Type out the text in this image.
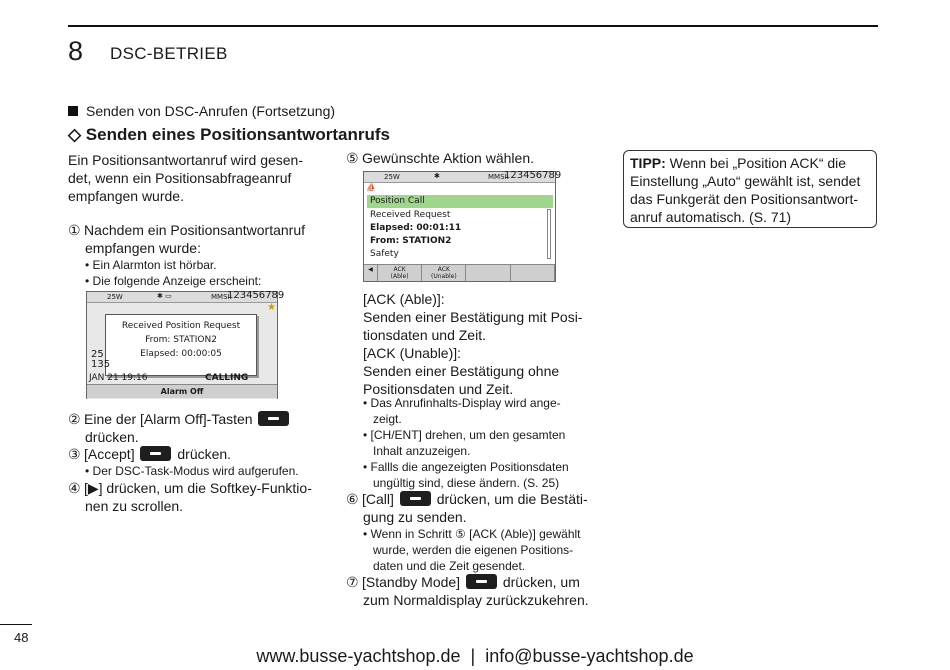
8 DSC-BETRIEB
Senden von DSC-Anrufen (Fortsetzung)
◇ Senden eines Positionsantwortanrufs
Ein Positionsantwortanruf wird gesen-
det, wenn ein Positionsabfrageanruf
empfangen wurde.
① Nachdem ein Positionsantwortanruf
empfangen wurde:
• Ein Alarmton ist hörbar.
• Die folgende Anzeige erscheint:
25W	✱ ▭	MMSI:
123456789
★
Received Position Request
From: STATION2
Elapsed: 00:00:05
25
135
JAN 21 19:16	CALLING
Alarm Off
② Eine der [Alarm Off]-Tasten
drücken.
③ [Accept]	drücken.
• Der DSC-Task-Modus wird aufgerufen.
④ [▶] drücken, um die Softkey-Funktio-
nen zu scrollen.
⑤ Gewünschte Aktion wählen.
25W	✱	MMSI:
123456789
⛵
Position Call
Received Request
Elapsed: 00:01:11
From: STATION2
Safety
◀	ACK
(Able)
ACK
(Unable)
[ACK (Able)]:
Senden einer Bestätigung mit Posi-
tionsdaten und Zeit.
[ACK (Unable)]:
Senden einer Bestätigung ohne
Positionsdaten und Zeit.
• Das Anrufinhalts-Display wird ange-
zeigt.
• [CH/ENT] drehen, um den gesamten
Inhalt anzuzeigen.
• Fallls die angezeigten Positionsdaten
ungültig sind, diese ändern. (S. 25)
⑥ [Call]	drücken, um die Bestäti-
gung zu senden.
• Wenn in Schritt ⑤ [ACK (Able)] gewählt
wurde, werden die eigenen Positions-
daten und die Zeit gesendet.
⑦ [Standby Mode]	drücken, um
zum Normaldisplay zurückzukehren.
TIPP: Wenn bei „Position ACK“ die
Einstellung „Auto“ gewählt ist, sendet
das Funkgerät den Positionsantwort-
anruf automatisch. (S. 71)
48
www.busse-yachtshop.de  |  info@busse-yachtshop.de
